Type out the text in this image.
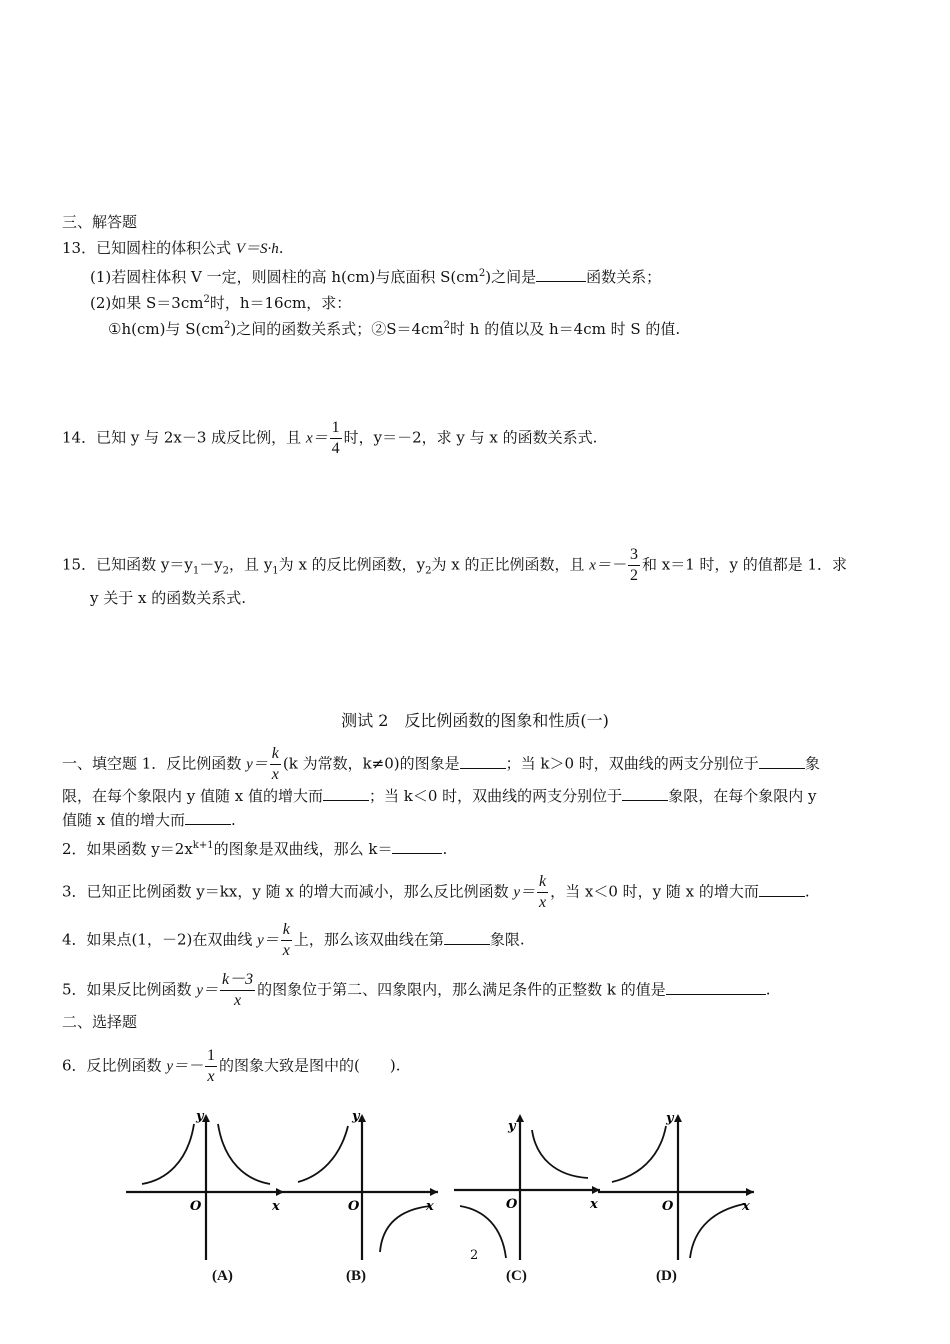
三、解答题
13．已知圆柱的体积公式 V＝S·h.
(1)若圆柱体积 V 一定，则圆柱的高 h(cm)与底面积 $S(cm^2)$之间是	函数关系；
(2)如果 $S=3cm^2$时，h＝16cm，求：
①h(cm)与 $S(cm^2)$之间的函数关系式；$②S=4cm^2$时 h 的值以及 h＝4cm 时 S 的值.
14．已知 y 与 2x－3 成反比例，且 $x= \frac{1}{4}$ 时，y＝－2，求 y 与 x 的函数关系式.
15．已知函数 $y=y_1-y_2$，且 $y_1$为 x 的反比例函数，$y_2$为 x 的正比例函数，且 $x=- \frac{3}{2}$ 和 x＝1 时，y 的值都是 1．求
y 关于 x 的函数关系式.
测试 2　反比例函数的图象和性质(一)
一、填空题 1．反比例函数 $y= \frac{k}{x} (k$ 为常数，k≠0)的图象是	；当 k＞0 时，双曲线的两支分别位于	象
限，在每个象限内 y 值随 x 值的增大而	；当 k＜0 时，双曲线的两支分别位于	象限，在每个象限内 y
值随 x 值的增大而	.
2．如果函数 $y=2x^{k+1}$的图象是双曲线，那么 k＝	.
3．已知正比例函数 y＝kx，y 随 x 的增大而减小，那么反比例函数 $y= \frac{k}{x}$ ，当 x＜0 时，y 随 x 的增大而	.
4．如果点(1，－2)在双曲线 $y= \frac{k}{x}$ 上，那么该双曲线在第	象限.
5．如果反比例函数 $y= \frac{k-3}{x}$ 的图象位于第二、四象限内，那么满足条件的正整数 k 的值是	.
二、选择题
6．反比例函数 $y=- \frac{1}{x}$ 的图象大致是图中的(　　).
y
O	x
y
O	x
y
O	x
y
O	x
(A)	(B)	(C)	(D)
2
